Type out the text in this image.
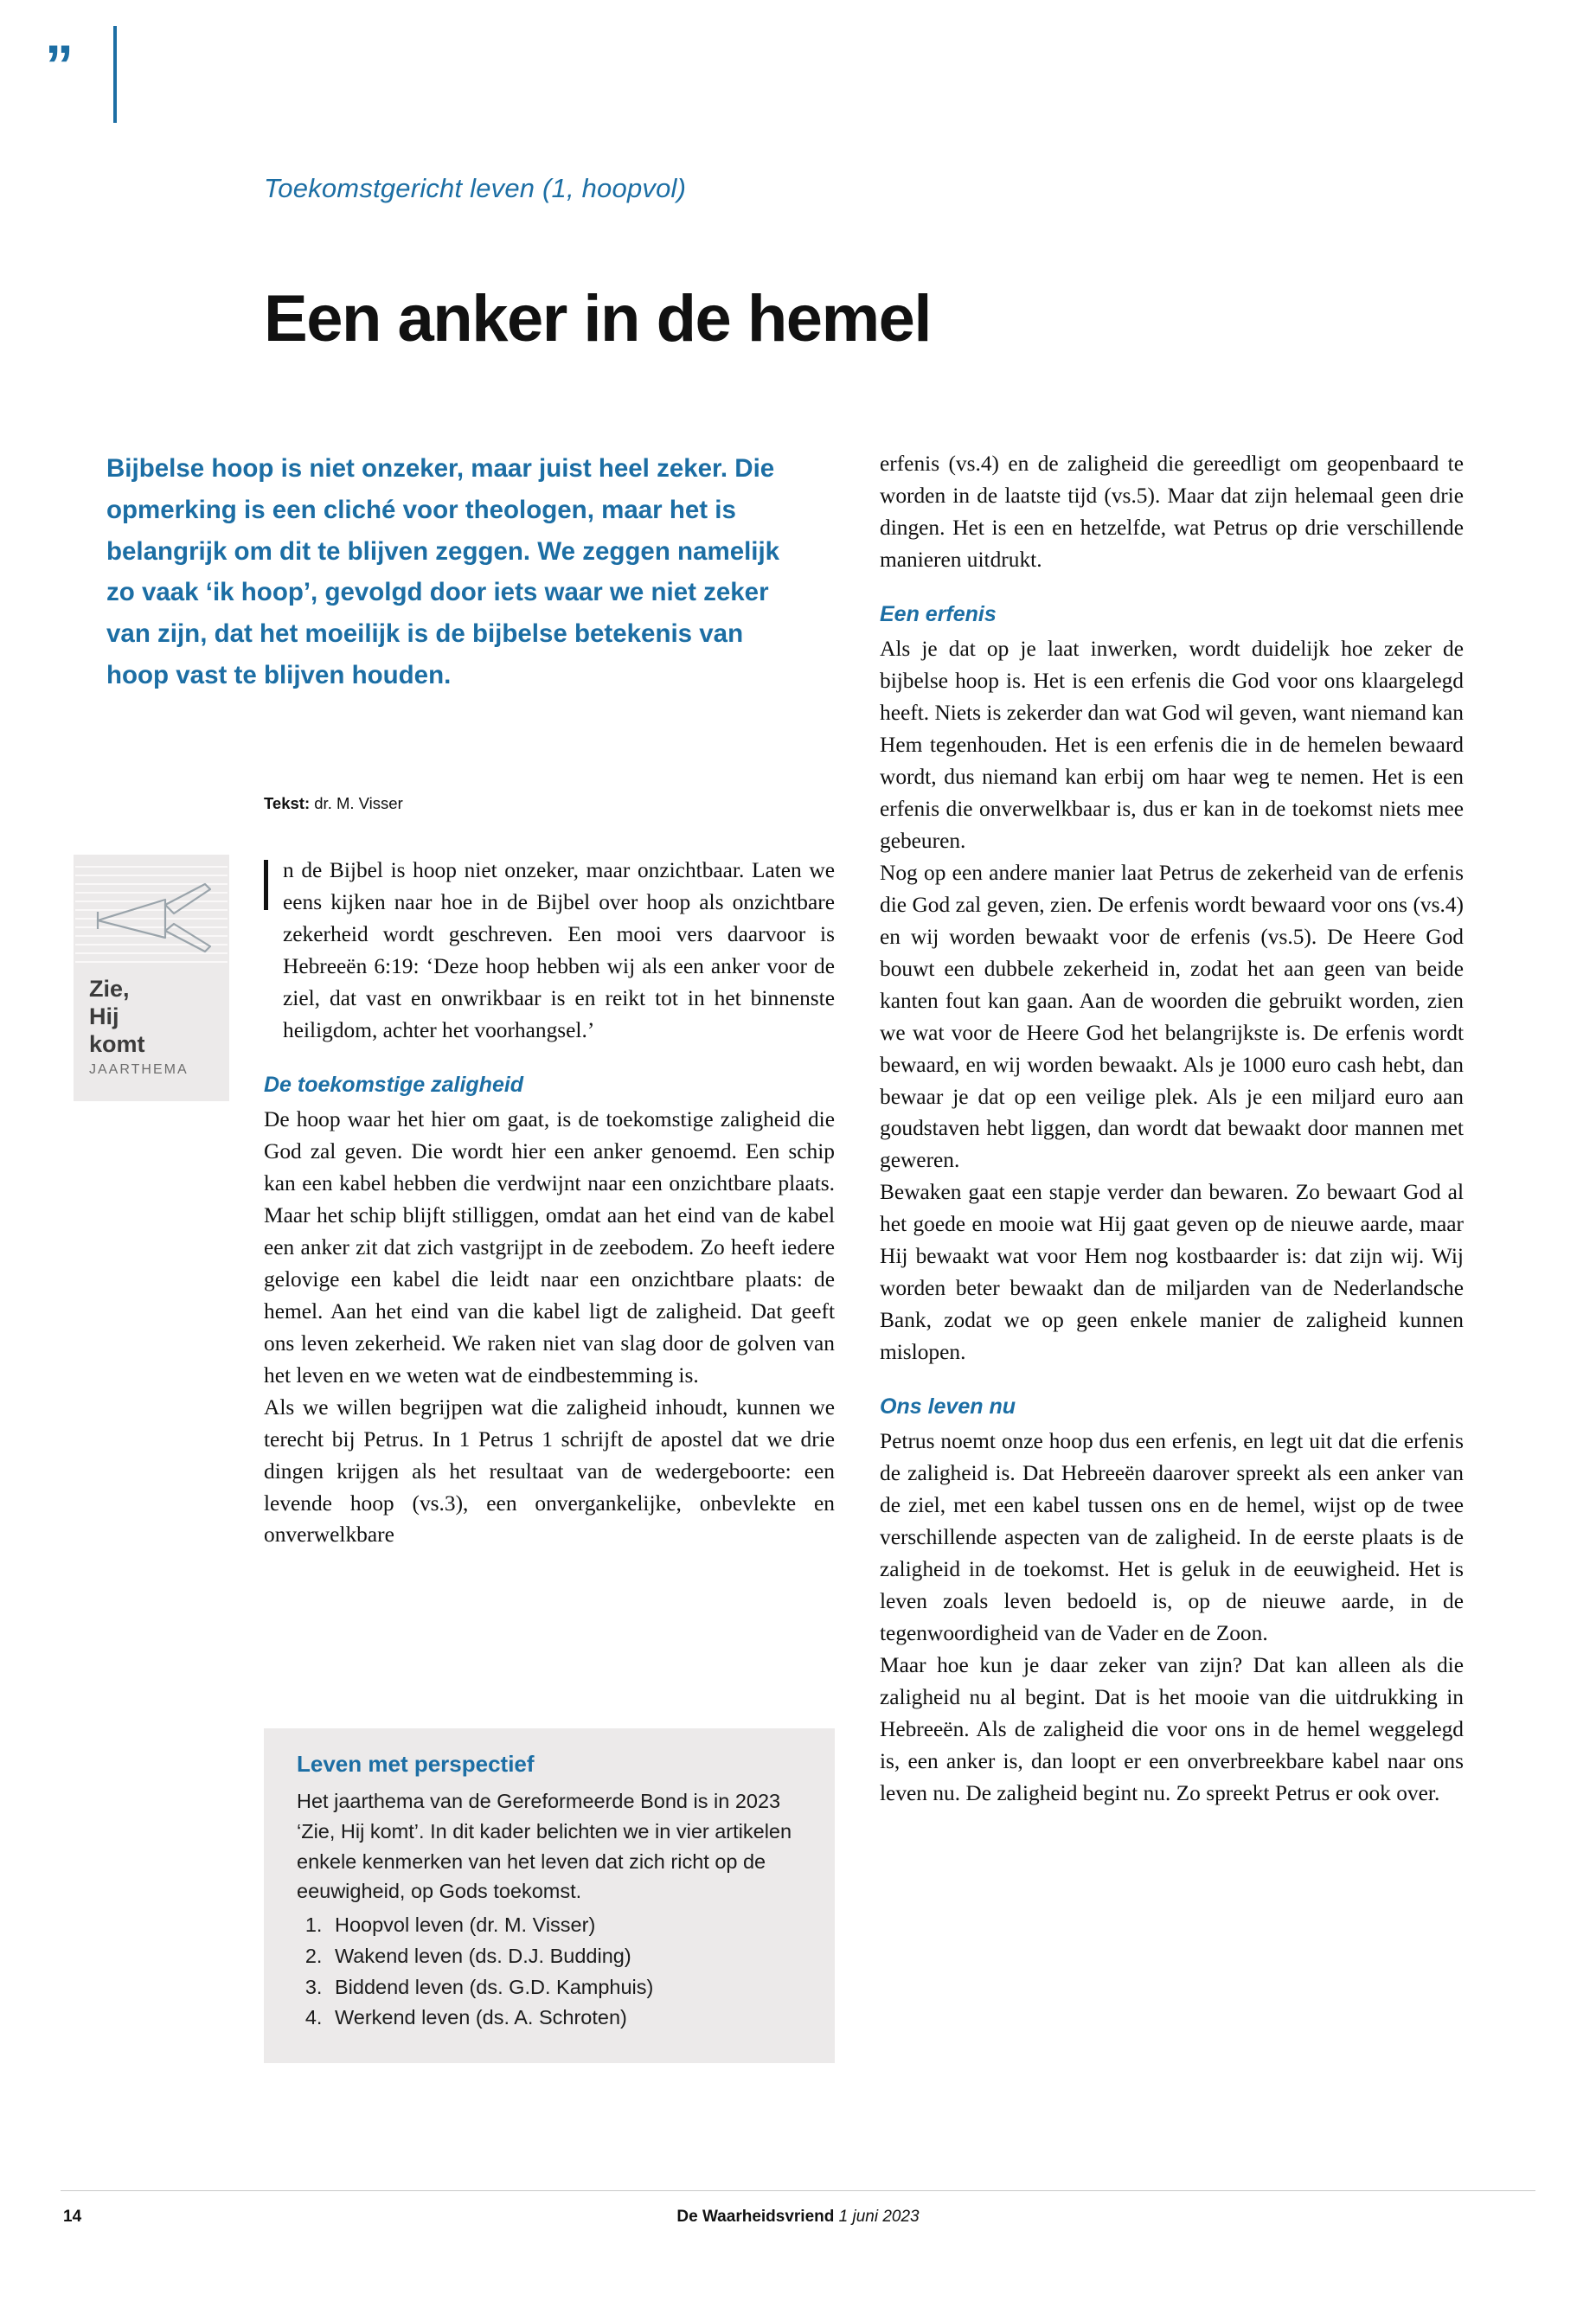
”
Toekomstgericht leven (1, hoopvol)
Een anker in de hemel
Bijbelse hoop is niet onzeker, maar juist heel zeker. Die opmerking is een cliché voor theologen, maar het is belangrijk om dit te blijven zeggen. We zeggen namelijk zo vaak ‘ik hoop’, gevolgd door iets waar we niet zeker van zijn, dat het moeilijk is de bijbelse betekenis van hoop vast te blijven houden.
Tekst: dr. M. Visser
Zie,
Hij
komt
JAARTHEMA

n de Bijbel is hoop niet onzeker, maar onzichtbaar. Laten we eens kijken naar hoe in de Bijbel over hoop als onzichtbare zekerheid wordt geschreven. Een mooi vers daarvoor is Hebreeën 6:19: ‘Deze hoop hebben wij als een anker voor de ziel, dat vast en onwrikbaar is en reikt tot in het binnenste heiligdom, achter het voorhangsel.’

De toekomstige zaligheid

De hoop waar het hier om gaat, is de toekomstige zaligheid die God zal geven. Die wordt hier een anker genoemd. Een schip kan een kabel hebben die verdwijnt naar een onzichtbare plaats. Maar het schip blijft stilliggen, omdat aan het eind van de kabel een anker zit dat zich vastgrijpt in de zeebodem. Zo heeft iedere gelovige een kabel die leidt naar een onzichtbare plaats: de hemel. Aan het eind van die kabel ligt de zaligheid. Dat geeft ons leven zekerheid. We raken niet van slag door de golven van het leven en we weten wat de eindbestemming is.

Als we willen begrijpen wat die zaligheid inhoudt, kunnen we terecht bij Petrus. In 1 Petrus 1 schrijft de apostel dat we drie dingen krijgen als het resultaat van de wedergeboorte: een levende hoop (vs.3), een onvergankelijke, onbevlekte en onverwelkbare

Leven met perspectief

Het jaarthema van de Gereformeerde Bond is in 2023 ‘Zie, Hij komt’. In dit kader belichten we in vier artikelen enkele kenmerken van het leven dat zich richt op de eeuwigheid, op Gods toekomst.

1. Hoopvol leven (dr. M. Visser)
2. Wakend leven (ds. D.J. Budding)
3. Biddend leven (ds. G.D. Kamphuis)
4. Werkend leven (ds. A. Schroten)

erfenis (vs.4) en de zaligheid die gereedligt om geopenbaard te worden in de laatste tijd (vs.5). Maar dat zijn helemaal geen drie dingen. Het is een en hetzelfde, wat Petrus op drie verschillende manieren uitdrukt.

Een erfenis

Als je dat op je laat inwerken, wordt duidelijk hoe zeker de bijbelse hoop is. Het is een erfenis die God voor ons klaargelegd heeft. Niets is zekerder dan wat God wil geven, want niemand kan Hem tegenhouden. Het is een erfenis die in de hemelen bewaard wordt, dus niemand kan erbij om haar weg te nemen. Het is een erfenis die onverwelkbaar is, dus er kan in de toekomst niets mee gebeuren.

Nog op een andere manier laat Petrus de zekerheid van de erfenis die God zal geven, zien. De erfenis wordt bewaard voor ons (vs.4) en wij worden bewaakt voor de erfenis (vs.5). De Heere God bouwt een dubbele zekerheid in, zodat het aan geen van beide kanten fout kan gaan. Aan de woorden die gebruikt worden, zien we wat voor de Heere God het belangrijkste is. De erfenis wordt bewaard, en wij worden bewaakt. Als je 1000 euro cash hebt, dan bewaar je dat op een veilige plek. Als je een miljard euro aan goudstaven hebt liggen, dan wordt dat bewaakt door mannen met geweren.

Bewaken gaat een stapje verder dan bewaren. Zo bewaart God al het goede en mooie wat Hij gaat geven op de nieuwe aarde, maar Hij bewaakt wat voor Hem nog kostbaarder is: dat zijn wij. Wij worden beter bewaakt dan de miljarden van de Nederlandsche Bank, zodat we op geen enkele manier de zaligheid kunnen mislopen.

Ons leven nu

Petrus noemt onze hoop dus een erfenis, en legt uit dat die erfenis de zaligheid is. Dat Hebreeën daarover spreekt als een anker van de ziel, met een kabel tussen ons en de hemel, wijst op de twee verschillende aspecten van de zaligheid. In de eerste plaats is de zaligheid in de toekomst. Het is geluk in de eeuwigheid. Het is leven zoals leven bedoeld is, op de nieuwe aarde, in de tegenwoordigheid van de Vader en de Zoon.

Maar hoe kun je daar zeker van zijn? Dat kan alleen als die zaligheid nu al begint. Dat is het mooie van die uitdrukking in Hebreeën. Als de zaligheid die voor ons in de hemel weggelegd is, een anker is, dan loopt er een onverbreekbare kabel naar ons leven nu. De zaligheid begint nu. Zo spreekt Petrus er ook over.

14	De Waarheidsvriend 1 juni 2023
